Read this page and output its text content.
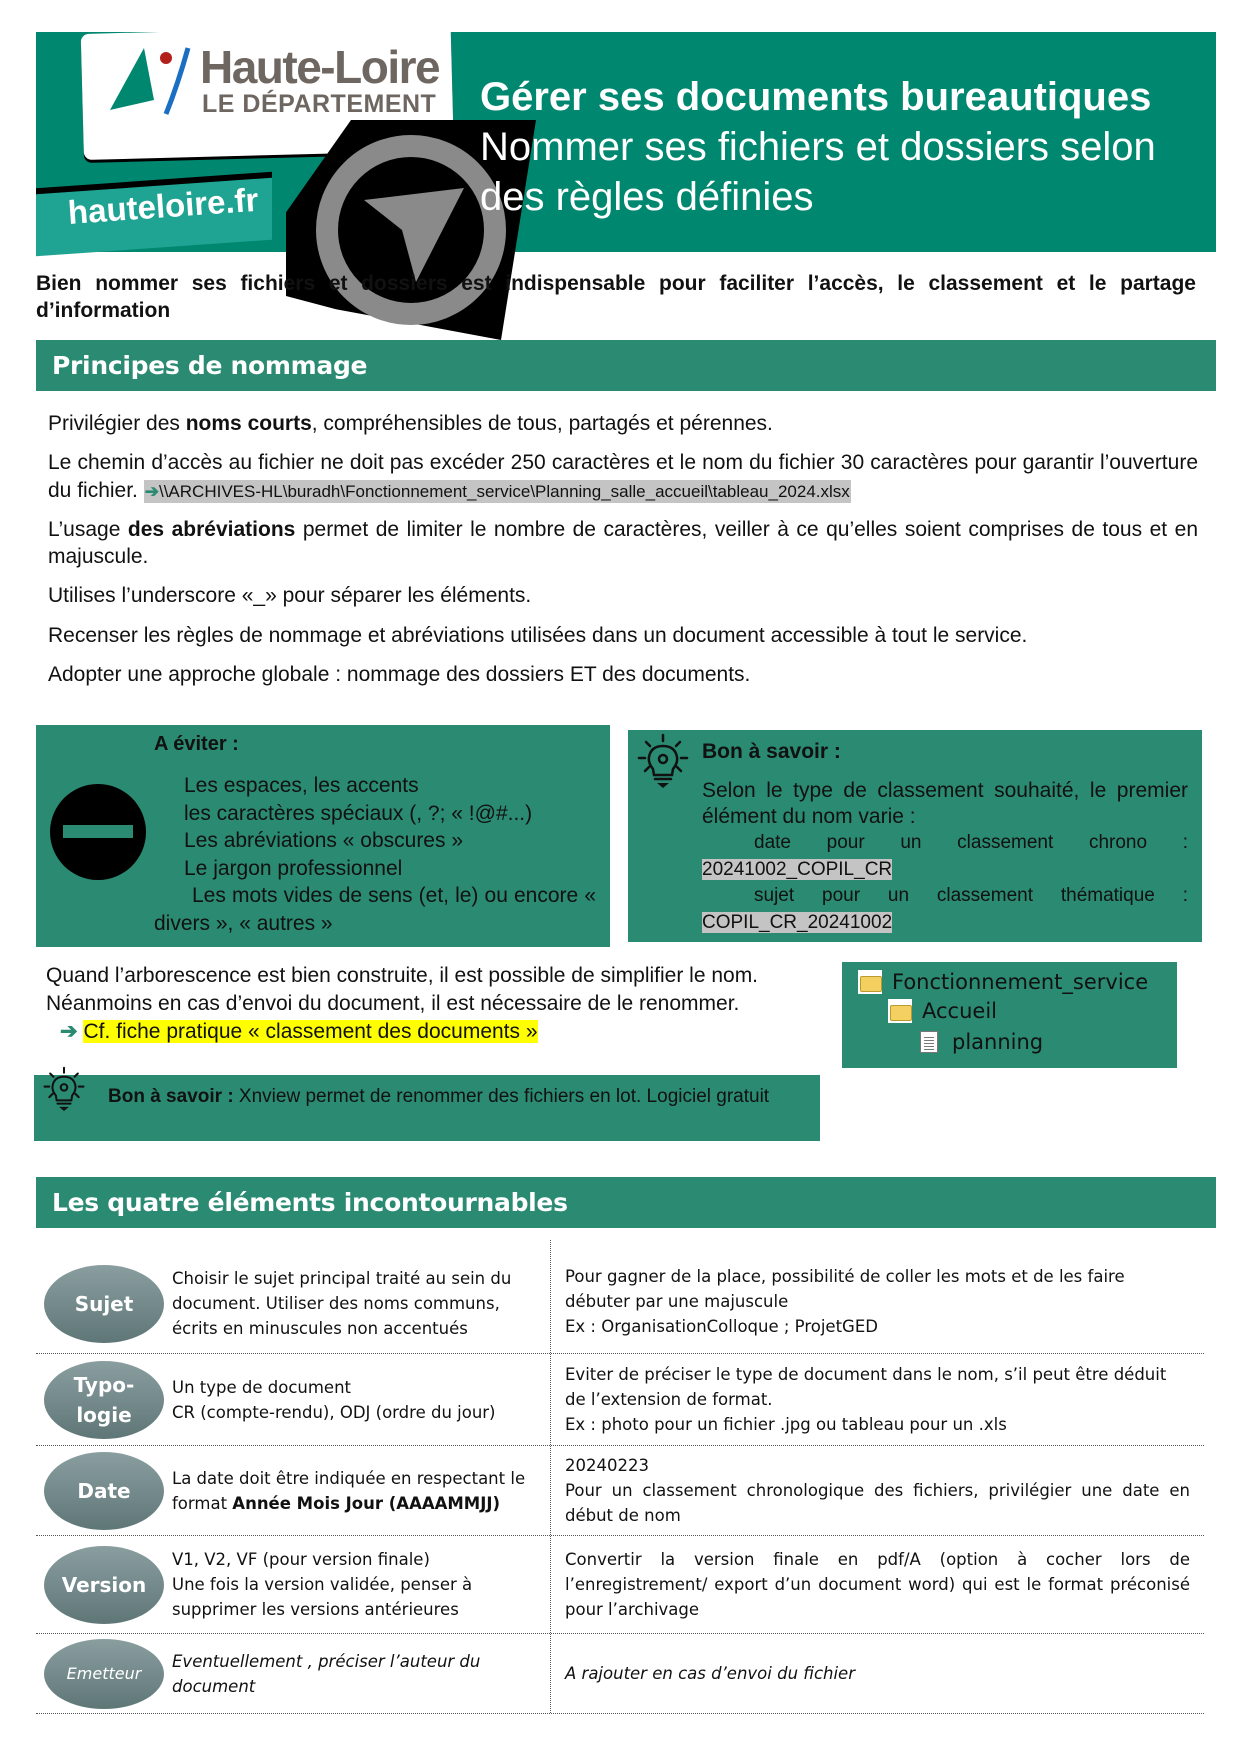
Haute-Loire
LE DÉPARTEMENT
hauteloire.fr
Gérer ses documents bureautiques
Nommer ses fichiers et dossiers selon des règles définies
Bien nommer ses fichiers et dossiers est indispensable pour faciliter l’accès, le classement et le partage d’information
Principes de nommage

Privilégier des noms courts, compréhensibles de tous, partagés et pérennes.

Le chemin d’accès au fichier ne doit pas excéder 250 caractères et le nom du fichier 30 caractères pour garantir l’ouverture du fichier. ➔\\ARCHIVES-HL\buradh\Fonctionnement_service\Planning_salle_accueil\tableau_2024.xlsx

L’usage des abréviations permet de limiter le nombre de caractères, veiller à ce qu’elles soient comprises de tous et en majuscule.

Utilises l’underscore «_» pour séparer les éléments.

Recenser les règles de nommage et abréviations utilisées dans un document accessible à tout le service.

Adopter une approche globale : nommage des dossiers ET des documents.

A éviter :
Les espaces, les accents
les caractères spéciaux (, ?; « !@#...)
Les abréviations « obscures »
Le jargon professionnel
Les mots vides de sens (et, le) ou encore « divers », « autres »
Bon à savoir :
Selon le type de classement souhaité, le premier élément du nom varie :
date pour un classement chrono :
20241002_COPIL_CR
sujet pour un classement thématique :
COPIL_CR_20241002
Quand l’arborescence est bien construite, il est possible de simplifier le nom.
Néanmoins en cas d’envoi du document, il est nécessaire de le renommer.
➔ Cf. fiche pratique « classement des documents »
Fonctionnement_service
Accueil
planning
Bon à savoir : Xnview permet de renommer des fichiers en lot. Logiciel gratuit
Les quatre éléments incontournables
Sujet
Choisir le sujet principal traité au sein du document. Utiliser des noms communs, écrits en minuscules non accentués
Pour gagner de la place, possibilité de coller les mots et de les faire débuter par une majuscule
Ex : OrganisationColloque ; ProjetGED
Typo-
logie
Un type de document
CR (compte-rendu), ODJ (ordre du jour)
Eviter de préciser le type de document dans le nom, s’il peut être déduit de l’extension de format.
Ex : photo pour un fichier .jpg ou tableau pour un .xls
Date
La date doit être indiquée en respectant le format Année Mois Jour (AAAAMMJJ)
20240223
Pour un classement chronologique des fichiers, privilégier une date en début de nom
Version
V1, V2, VF (pour version finale)
Une fois la version validée, penser à supprimer les versions antérieures
Convertir la version finale en pdf/A (option à cocher lors de l’enregistrement/ export d’un document word) qui est le format préconisé pour l’archivage
Emetteur
Eventuellement , préciser l’auteur du document
A rajouter en cas d’envoi du fichier
